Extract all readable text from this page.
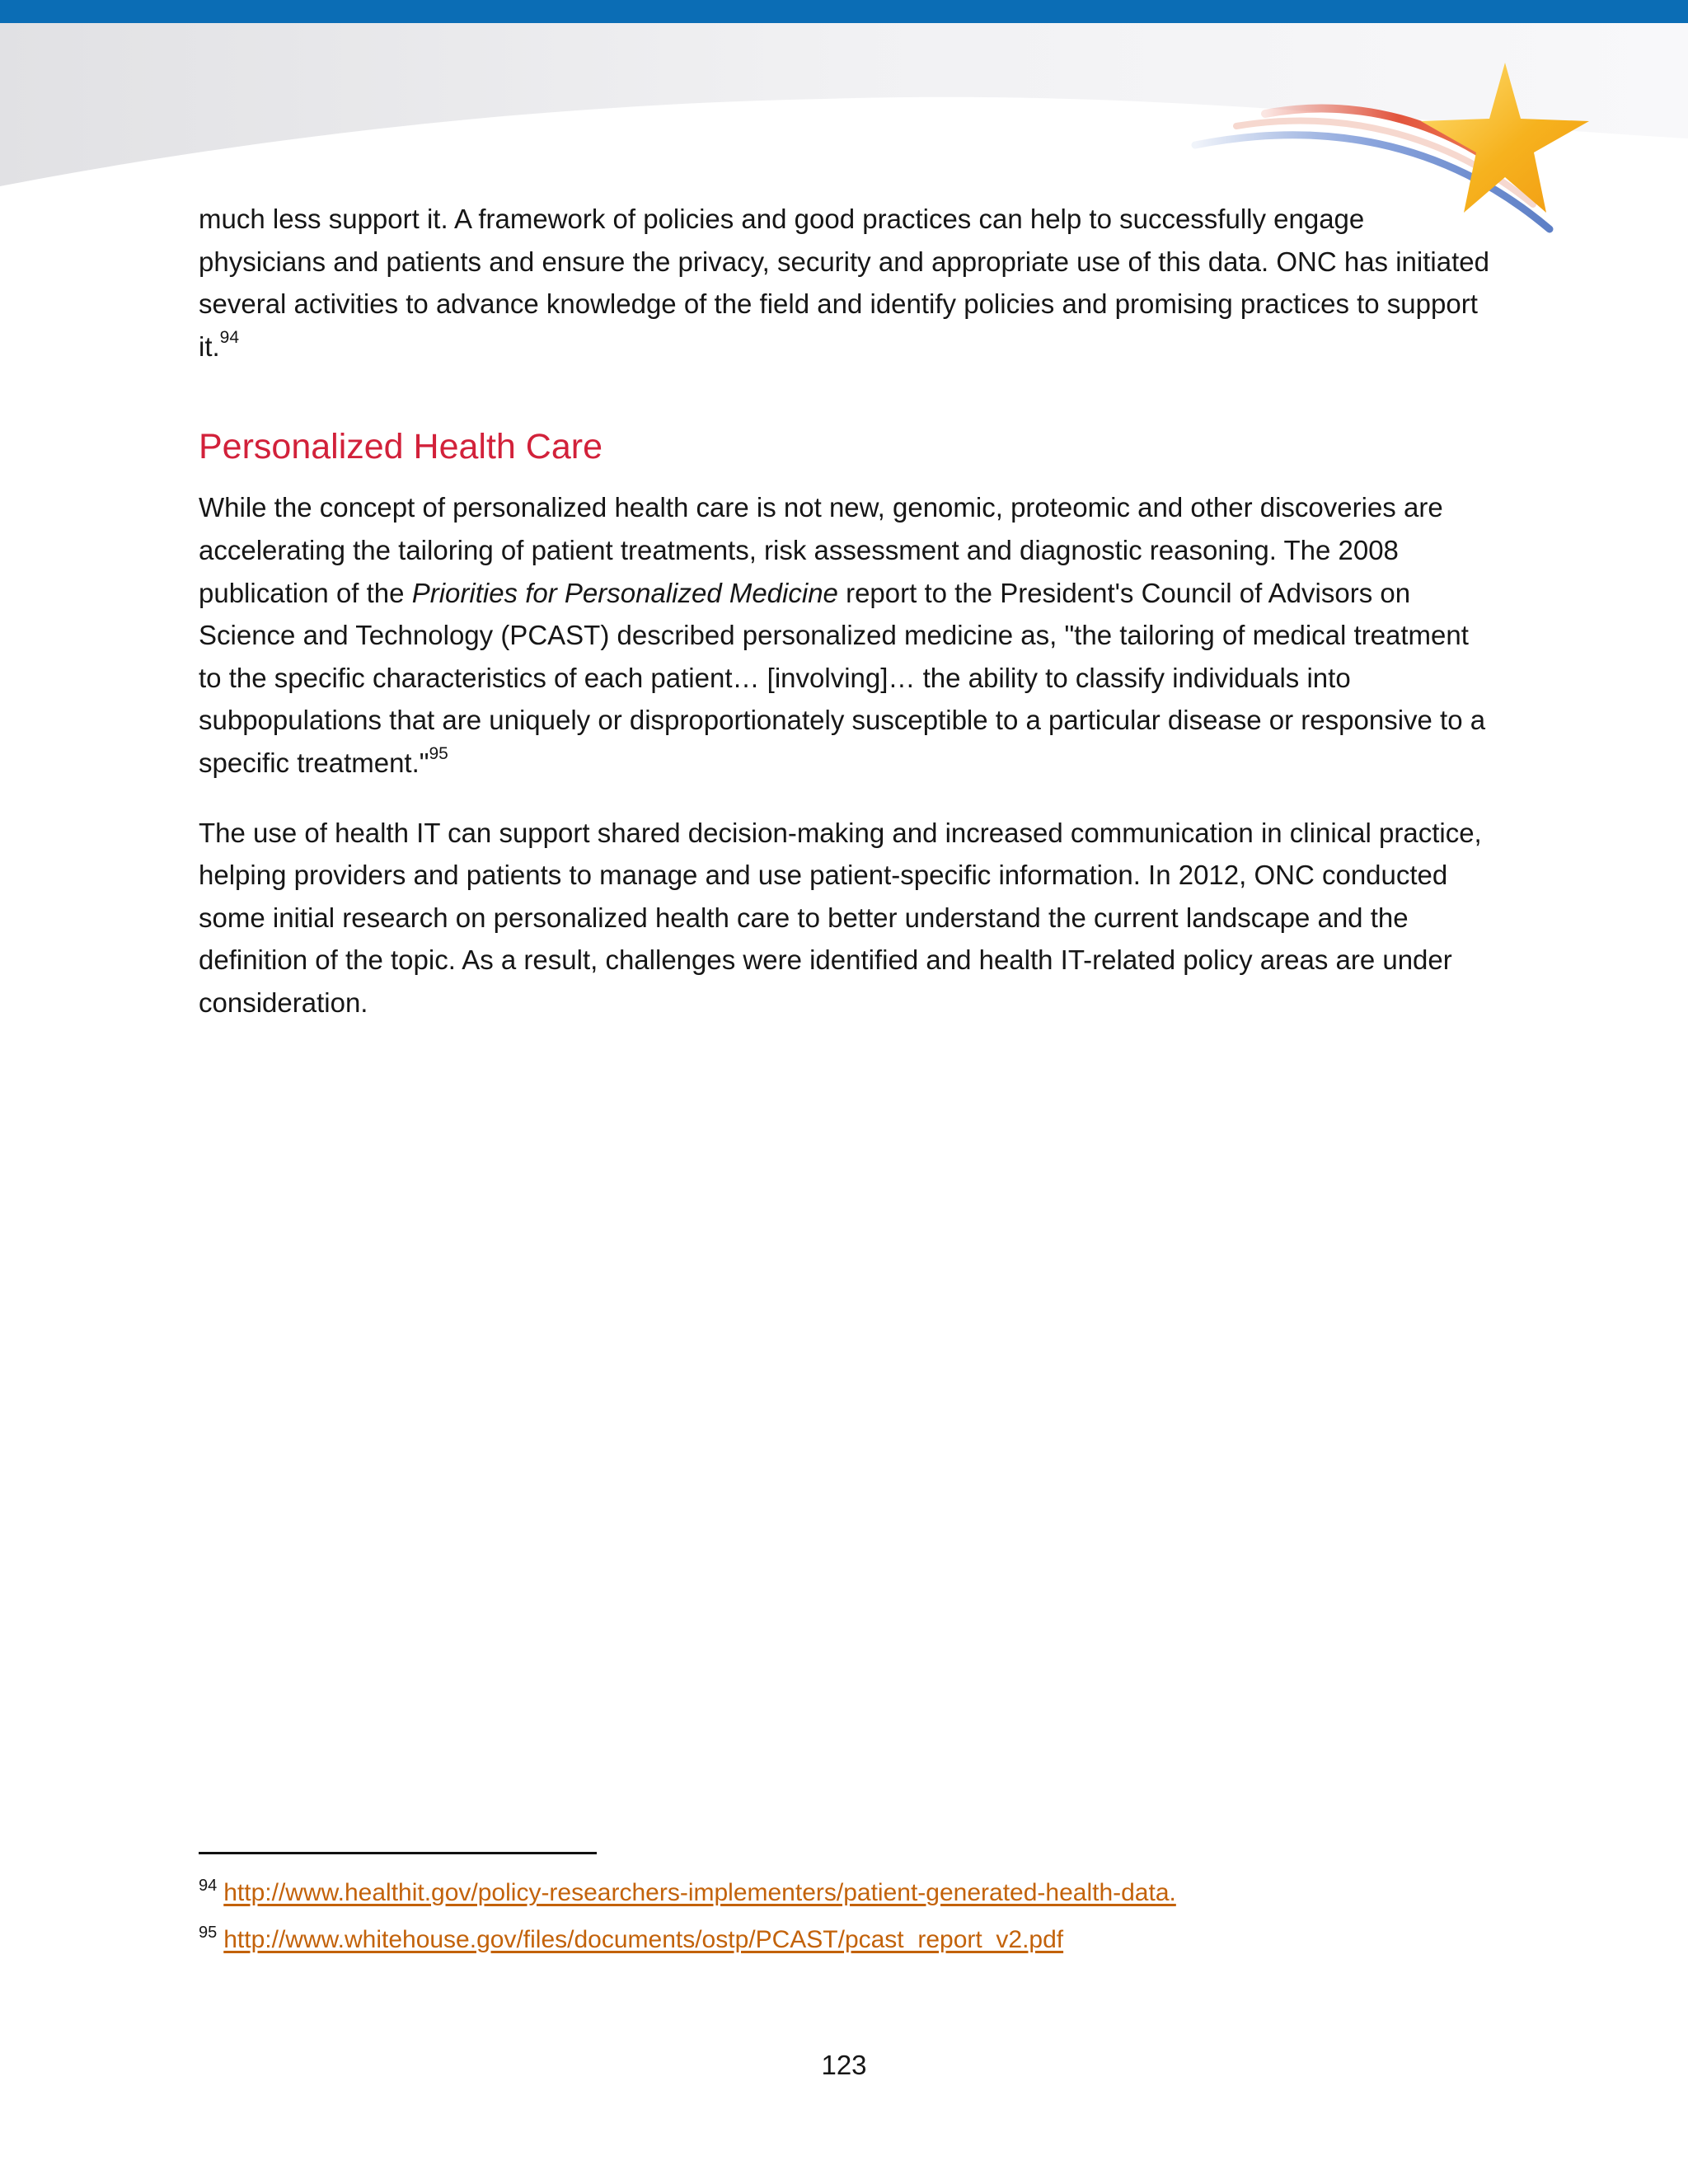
much less support it. A framework of policies and good practices can help to successfully engage physicians and patients and ensure the privacy, security and appropriate use of this data. ONC has initiated several activities to advance knowledge of the field and identify policies and promising practices to support it.$^{94}$

Personalized Health Care

While the concept of personalized health care is not new, genomic, proteomic and other discoveries are accelerating the tailoring of patient treatments, risk assessment and diagnostic reasoning. The 2008 publication of the Priorities for Personalized Medicine report to the President's Council of Advisors on Science and Technology (PCAST) described personalized medicine as, "the tailoring of medical treatment to the specific characteristics of each patient… [involving]… the ability to classify individuals into subpopulations that are uniquely or disproportionately susceptible to a particular disease or responsive to a specific treatment."$^{95}$

The use of health IT can support shared decision-making and increased communication in clinical practice, helping providers and patients to manage and use patient-specific information. In 2012, ONC conducted some initial research on personalized health care to better understand the current landscape and the definition of the topic. As a result, challenges were identified and health IT-related policy areas are under consideration.

$^{94}$ http://www.healthit.gov/policy-researchers-implementers/patient-generated-health-data.
$^{95}$ http://www.whitehouse.gov/files/documents/ostp/PCAST/pcast_report_v2.pdf
123
